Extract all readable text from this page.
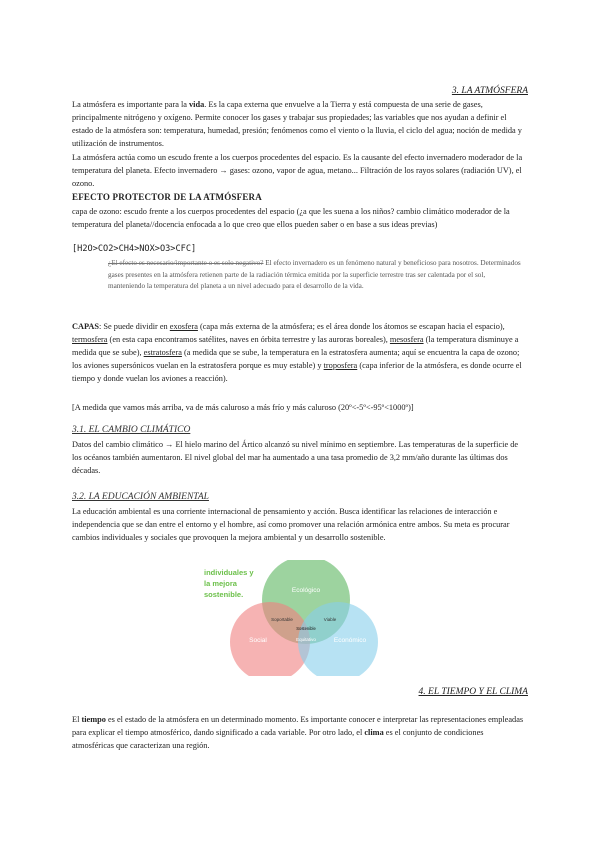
3. LA ATMÓSFERA

La atmósfera es importante para la vida. Es la capa externa que envuelve a la Tierra y está compuesta de una serie de gases, principalmente nitrógeno y oxígeno. Permite conocer los gases y trabajar sus propiedades; las variables que nos ayudan a definir el estado de la atmósfera son: temperatura, humedad, presión; fenómenos como el viento o la lluvia, el ciclo del agua; noción de medida y utilización de instrumentos.

La atmósfera actúa como un escudo frente a los cuerpos procedentes del espacio. Es la causante del efecto invernadero moderador de la temperatura del planeta. Efecto invernadero → gases: ozono, vapor de agua, metano... Filtración de los rayos solares (radiación UV), el ozono.

EFECTO PROTECTOR DE LA ATMÓSFERA

capa de ozono: escudo frente a los cuerpos procedentes del espacio (¿a que les suena a los niños? cambio climático moderador de la temperatura del planeta//docencia enfocada a lo que creo que ellos pueden saber o en base a sus ideas previas)

[H2O>CO2>CH4>NOX>O3>CFC]

¿El efecto es necesario/importante o es solo negativo? El efecto invernadero es un fenómeno natural y beneficioso para nosotros. Determinados gases presentes en la atmósfera retienen parte de la radiación térmica emitida por la superficie terrestre tras ser calentada por el sol, manteniendo la temperatura del planeta a un nivel adecuado para el desarrollo de la vida.

CAPAS: Se puede dividir en exosfera (capa más externa de la atmósfera; es el área donde los átomos se escapan hacia el espacio), termosfera (en esta capa encontramos satélites, naves en órbita terrestre y las auroras boreales), mesosfera (la temperatura disminuye a medida que se sube), estratosfera (a medida que se sube, la temperatura en la estratosfera aumenta; aquí se encuentra la capa de ozono; los aviones supersónicos vuelan en la estratosfera porque es muy estable) y troposfera (capa inferior de la atmósfera, es donde ocurre el tiempo y donde vuelan los aviones a reacción).

[A medida que vamos más arriba, va de más caluroso a más frío y más caluroso (20º<-5º<-95º<1000º)]

3.1. EL CAMBIO CLIMÁTICO

Datos del cambio climático → El hielo marino del Ártico alcanzó su nivel mínimo en septiembre. Las temperaturas de la superficie de los océanos también aumentaron. El nivel global del mar ha aumentado a una tasa promedio de 3,2 mm/año durante las últimas dos décadas.

3.2. LA EDUCACIÓN AMBIENTAL

La educación ambiental es una corriente internacional de pensamiento y acción. Busca identificar las relaciones de interacción e independencia que se dan entre el entorno y el hombre, así como promover una relación armónica entre ambos. Su meta es procurar cambios individuales y sociales que provoquen la mejora ambiental y un desarrollo sostenible.

individuales y
la mejora
sostenible.	Ecológico
Social	Económico
Soportable	Viable
Sostenible
Equitativo
4. EL TIEMPO Y EL CLIMA

El tiempo es el estado de la atmósfera en un determinado momento. Es importante conocer e interpretar las representaciones empleadas para explicar el tiempo atmosférico, dando significado a cada variable. Por otro lado, el clima es el conjunto de condiciones atmosféricas que caracterizan una región.
